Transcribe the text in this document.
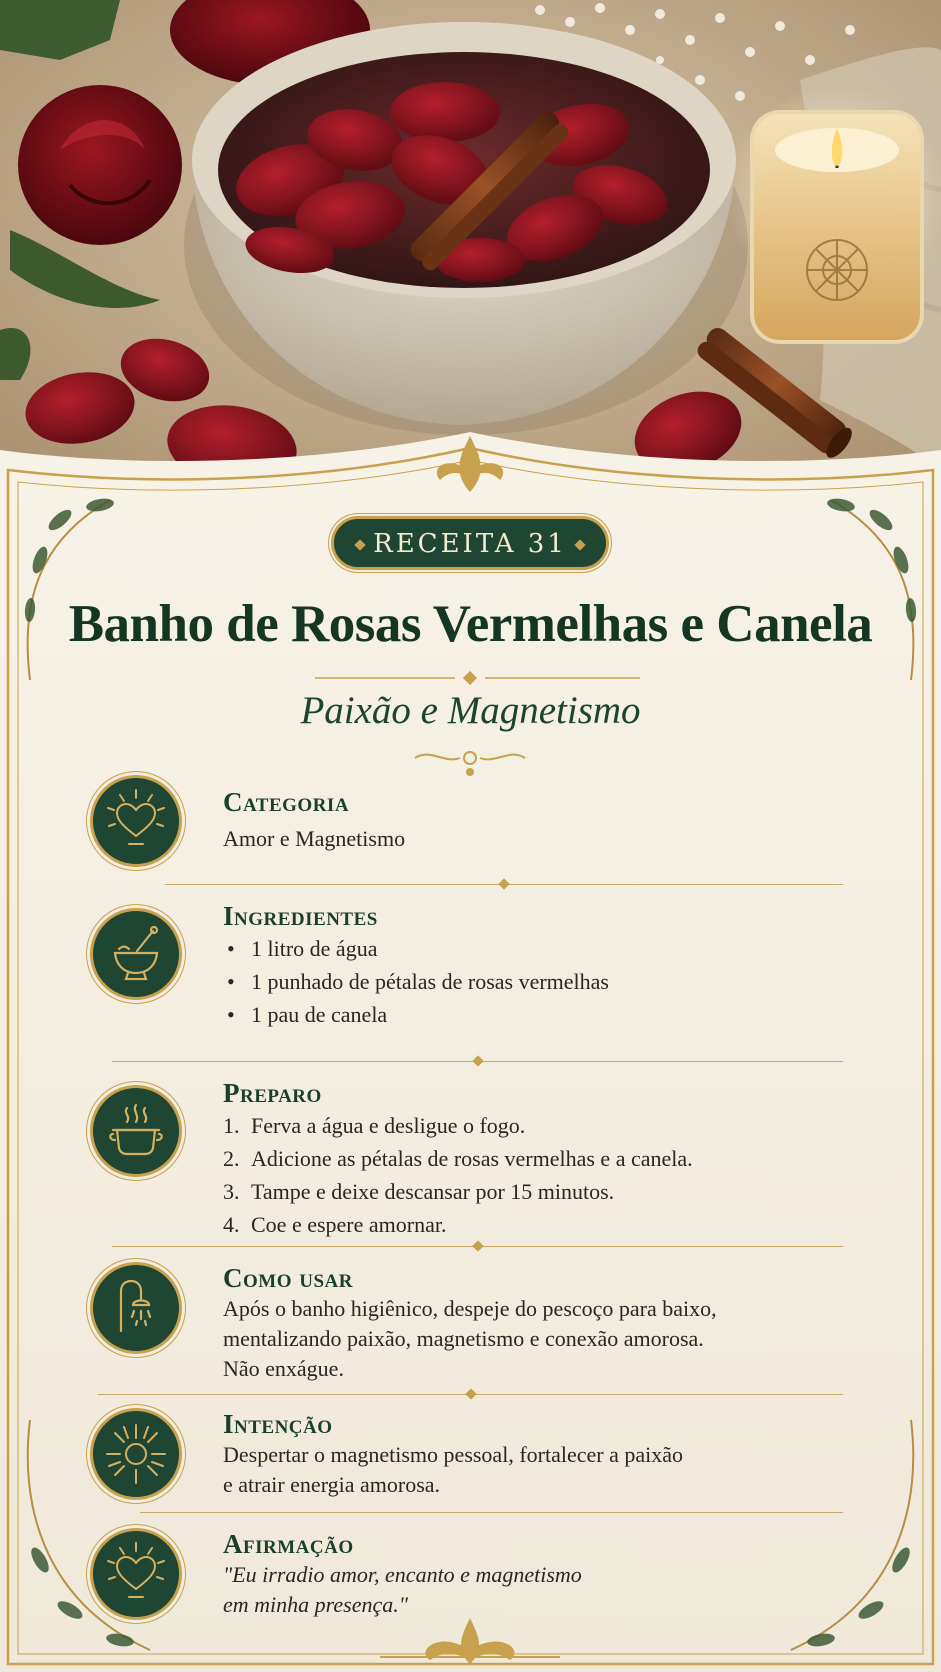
RECEITA 31
Banho de Rosas Vermelhas e Canela
Paixão e Magnetismo
Categoria
Amor e Magnetismo
Ingredientes
• 1 litro de água
• 1 punhado de pétalas de rosas vermelhas
• 1 pau de canela
Preparo
1. Ferva a água e desligue o fogo.
2. Adicione as pétalas de rosas vermelhas e a canela.
3. Tampe e deixe descansar por 15 minutos.
4. Coe e espere amornar.
Como usar
Após o banho higiênico, despeje do pescoço para baixo,
mentalizando paixão, magnetismo e conexão amorosa.
Não enxágue.
Intenção
Despertar o magnetismo pessoal, fortalecer a paixão
e atrair energia amorosa.
Afirmação
"Eu irradio amor, encanto e magnetismo
em minha presença."
